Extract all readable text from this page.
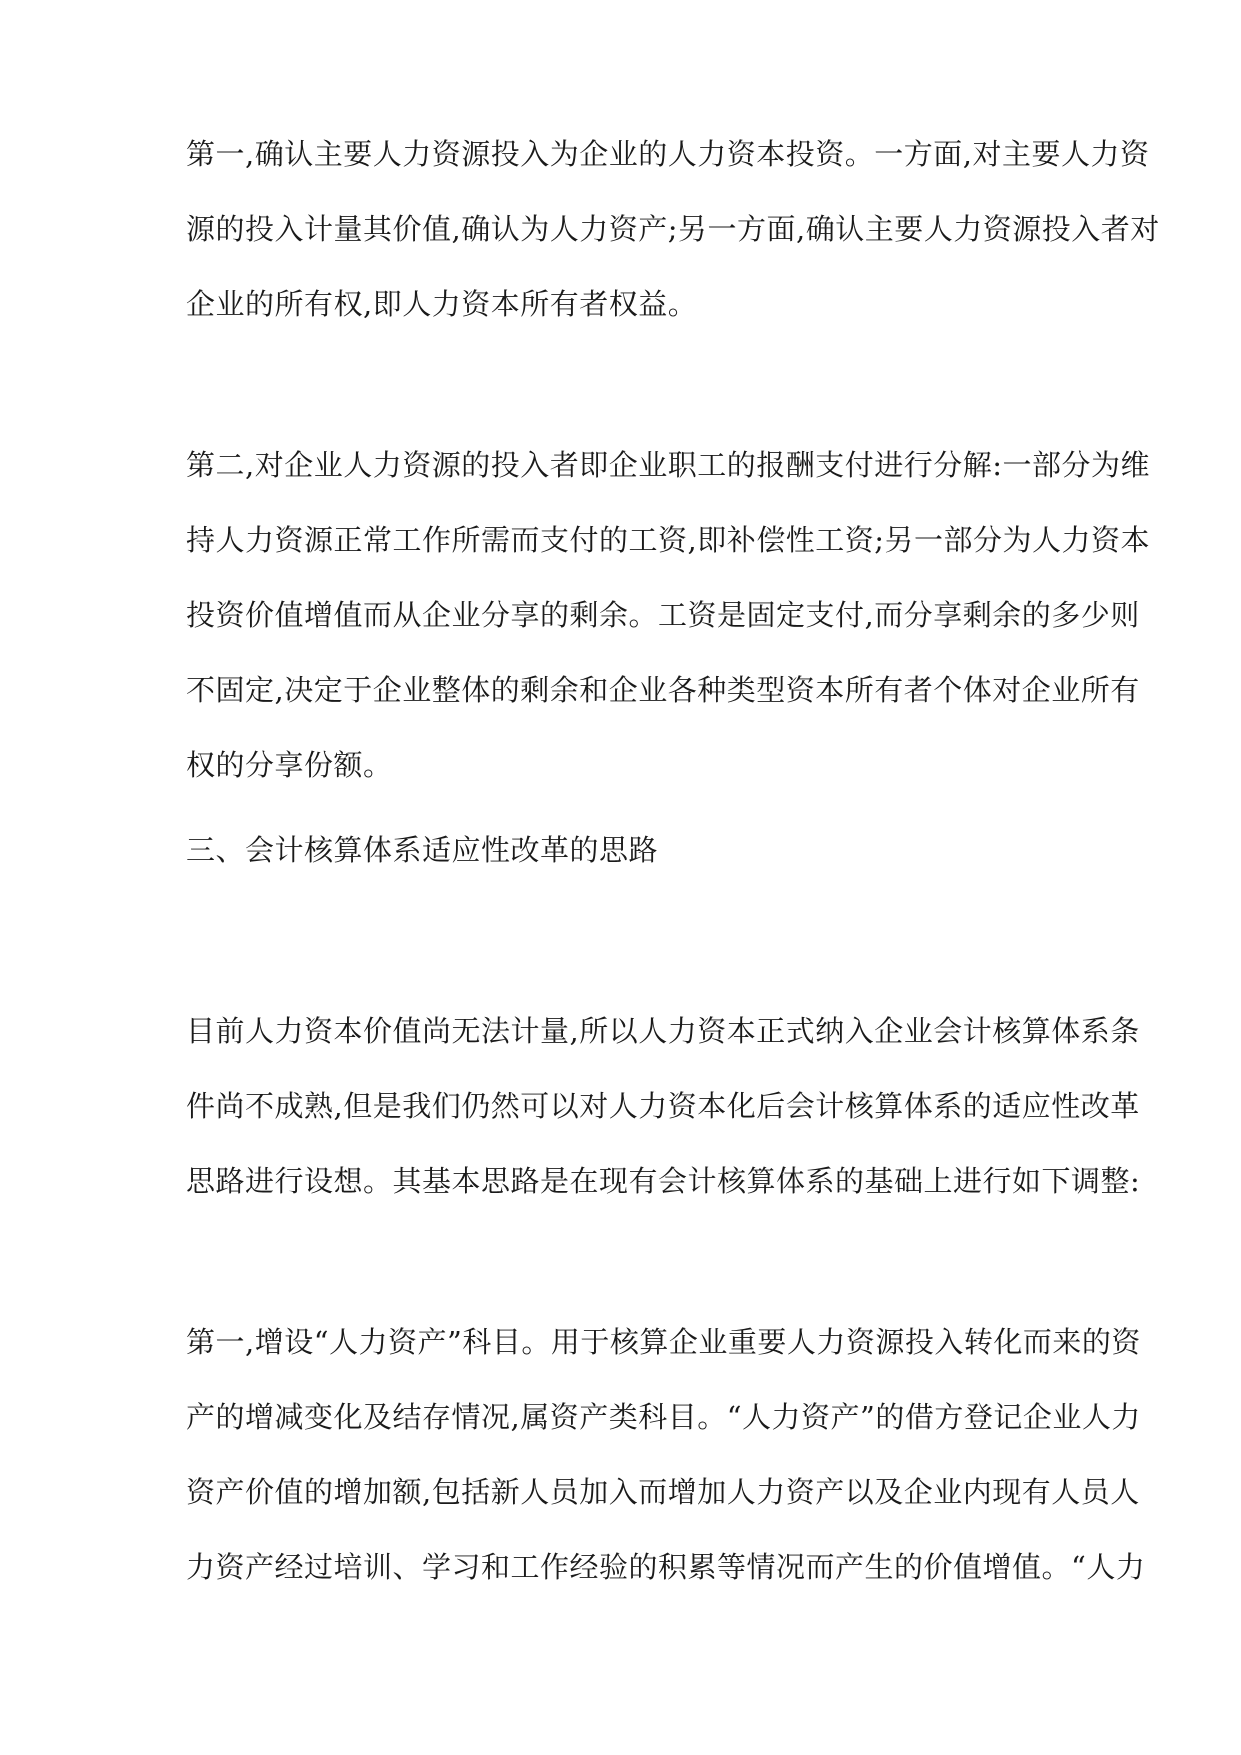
第一,确认主要人力资源投入为企业的人力资本投资。一方面,对主要人力资
源的投入计量其价值,确认为人力资产;另一方面,确认主要人力资源投入者对
企业的所有权,即人力资本所有者权益。
第二,对企业人力资源的投入者即企业职工的报酬支付进行分解:一部分为维
持人力资源正常工作所需而支付的工资,即补偿性工资;另一部分为人力资本
投资价值增值而从企业分享的剩余。工资是固定支付,而分享剩余的多少则
不固定,决定于企业整体的剩余和企业各种类型资本所有者个体对企业所有
权的分享份额。
三、会计核算体系适应性改革的思路
目前人力资本价值尚无法计量,所以人力资本正式纳入企业会计核算体系条
件尚不成熟,但是我们仍然可以对人力资本化后会计核算体系的适应性改革
思路进行设想。其基本思路是在现有会计核算体系的基础上进行如下调整:
第一,增设“人力资产”科目。用于核算企业重要人力资源投入转化而来的资
产的增减变化及结存情况,属资产类科目。“人力资产”的借方登记企业人力
资产价值的增加额,包括新人员加入而增加人力资产以及企业内现有人员人
力资产经过培训、学习和工作经验的积累等情况而产生的价值增值。“人力
